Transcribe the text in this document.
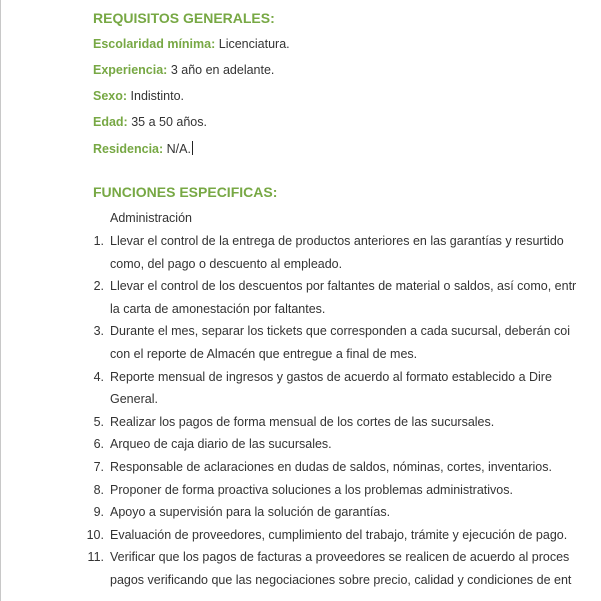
REQUISITOS GENERALES:
Escolaridad mínima: Licenciatura.
Experiencia: 3 año en adelante.
Sexo: Indistinto.
Edad: 35 a 50 años.
Residencia: N/A.
FUNCIONES ESPECIFICAS:
Administración
1. Llevar el control de la entrega de productos anteriores en las garantías y resurtido
como, del pago o descuento al empleado.
2. Llevar el control de los descuentos por faltantes de material o saldos, así como, entr
la carta de amonestación por faltantes.
3. Durante el mes, separar los tickets que corresponden a cada sucursal, deberán coi
con el reporte de Almacén que entregue a final de mes.
4. Reporte mensual de ingresos y gastos de acuerdo al formato establecido a Dire
General.
5. Realizar los pagos de forma mensual de los cortes de las sucursales.
6. Arqueo de caja diario de las sucursales.
7. Responsable de aclaraciones en dudas de saldos, nóminas, cortes, inventarios.
8. Proponer de forma proactiva soluciones a los problemas administrativos.
9. Apoyo a supervisión para la solución de garantías.
10. Evaluación de proveedores, cumplimiento del trabajo, trámite y ejecución de pago.
11. Verificar que los pagos de facturas a proveedores se realicen de acuerdo al proces
pagos verificando que las negociaciones sobre precio, calidad y condiciones de ent
